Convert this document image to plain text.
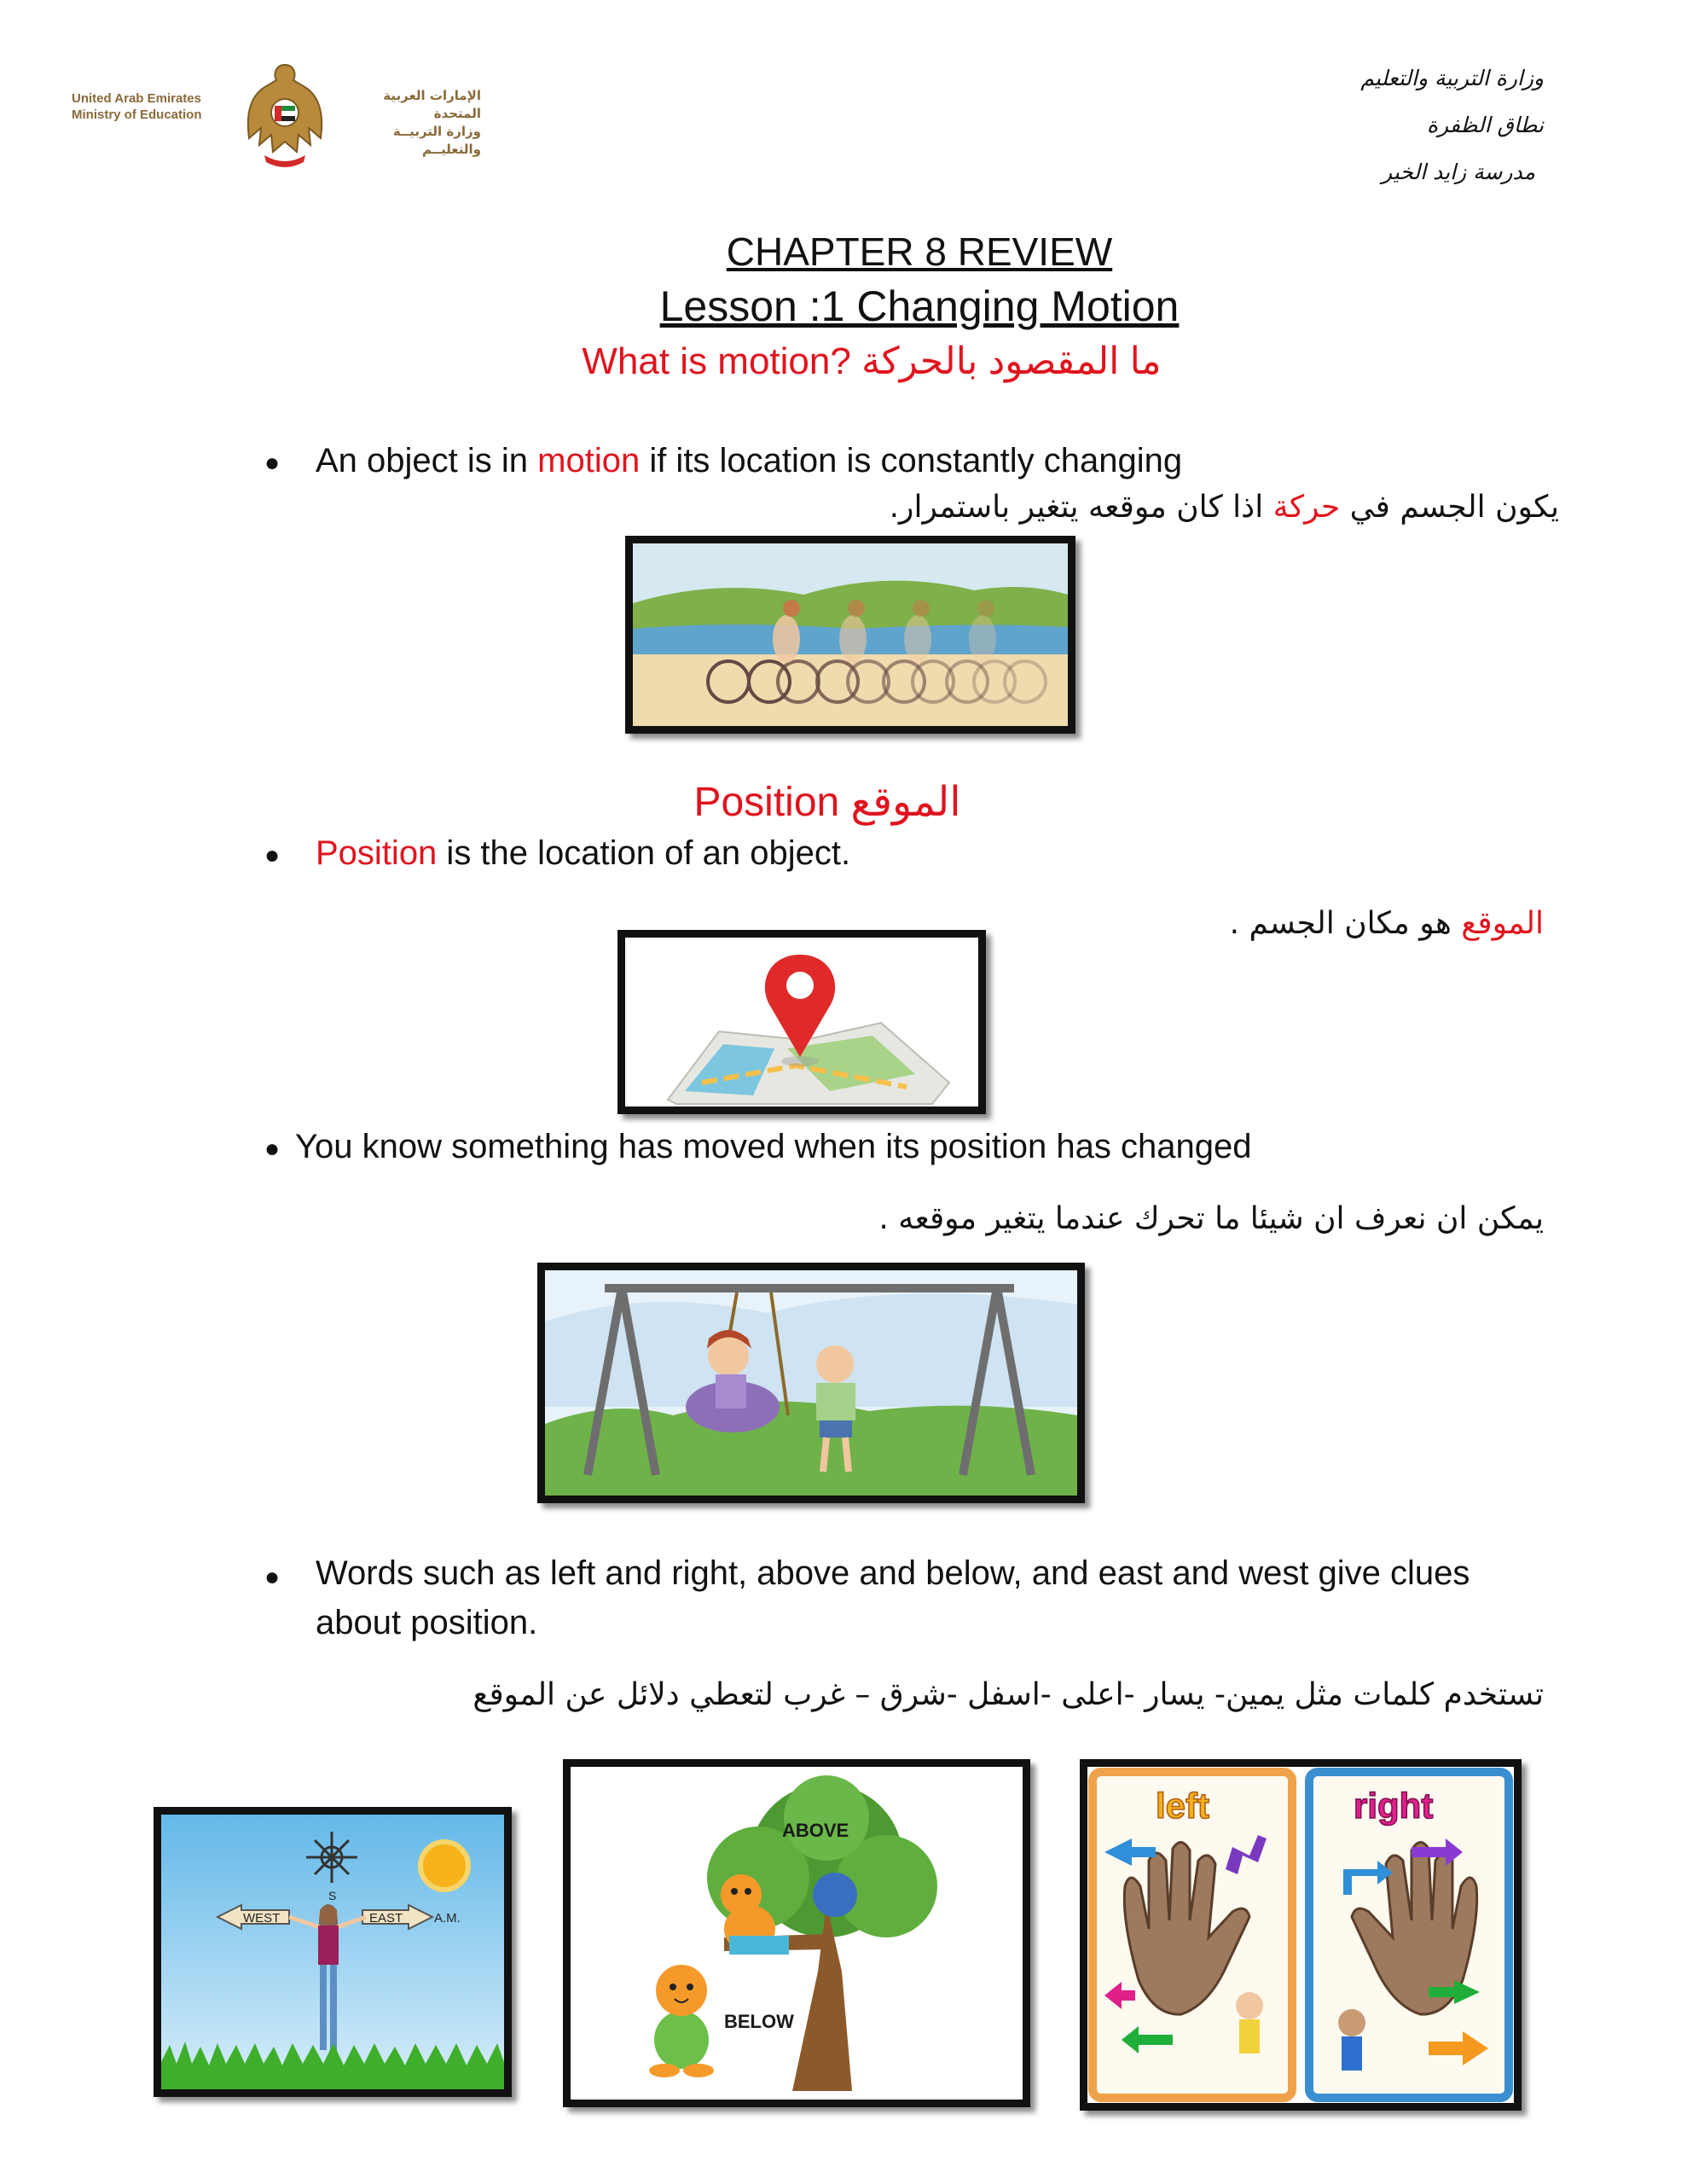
United Arab Emirates
Ministry of Education
الإمارات العربية المتحدة
وزارة التربيــة والتعليــم
وزارة التربية والتعليم
نطاق الظفرة
مدرسة زايد الخير
CHAPTER 8 REVIEW
Lesson :1 Changing Motion
What is motion? ما المقصود بالحركة
● An object is in motion if its location is constantly changing
يكون الجسم في حركة اذا كان موقعه يتغير باستمرار.
Position الموقع
● Position is the location of an object.
الموقع هو مكان الجسم .
● You know something has moved when its position has changed
يمكن ان نعرف ان شيئا ما تحرك عندما يتغير موقعه .
● Words such as left and right, above and below, and east and west give clues
about position.
تستخدم كلمات مثل يمين- يسار -اعلى -اسفل -شرق – غرب لتعطي دلائل عن الموقع
S
WEST	EAST A.M.
ABOVE
BELOW
left	right
